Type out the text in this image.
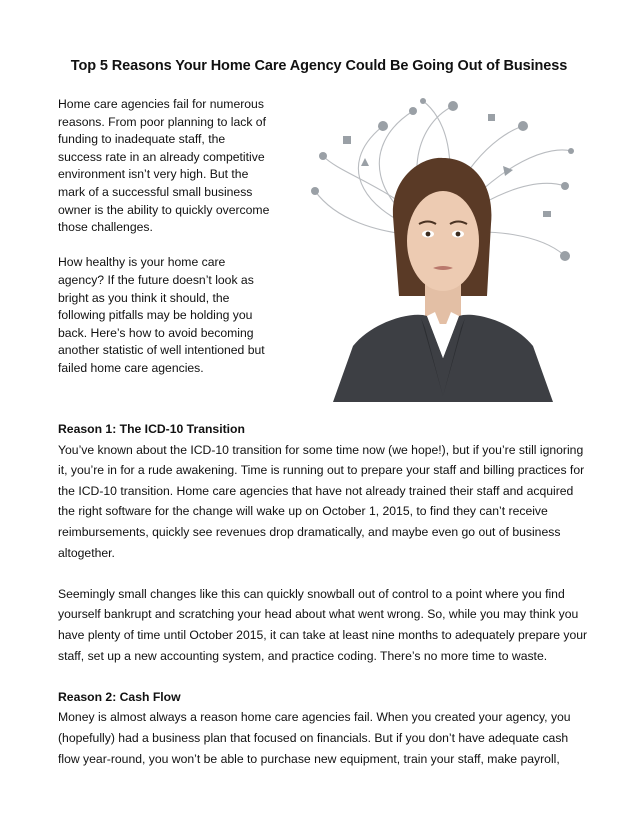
Top 5 Reasons Your Home Care Agency Could Be Going Out of Business

Home care agencies fail for numerous reasons. From poor planning to lack of funding to inadequate staff, the success rate in an already competitive environment isn’t very high. But the mark of a successful small business owner is the ability to quickly overcome those challenges.

How healthy is your home care agency? If the future doesn’t look as bright as you think it should, the following pitfalls may be holding you back. Here’s how to avoid becoming another statistic of well intentioned but failed home care agencies.

Reason 1: The ICD-10 Transition

You’ve known about the ICD-10 transition for some time now (we hope!), but if you’re still ignoring it, you’re in for a rude awakening. Time is running out to prepare your staff and billing practices for the ICD-10 transition. Home care agencies that have not already trained their staff and acquired the right software for the change will wake up on October 1, 2015, to find they can’t receive reimbursements, quickly see revenues drop dramatically, and maybe even go out of business altogether.

Seemingly small changes like this can quickly snowball out of control to a point where you find yourself bankrupt and scratching your head about what went wrong. So, while you may think you have plenty of time until October 2015, it can take at least nine months to adequately prepare your staff, set up a new accounting system, and practice coding. There’s no more time to waste.

Reason 2: Cash Flow

Money is almost always a reason home care agencies fail. When you created your agency, you (hopefully) had a business plan that focused on financials. But if you don’t have adequate cash flow year-round, you won’t be able to purchase new equipment, train your staff, make payroll,
